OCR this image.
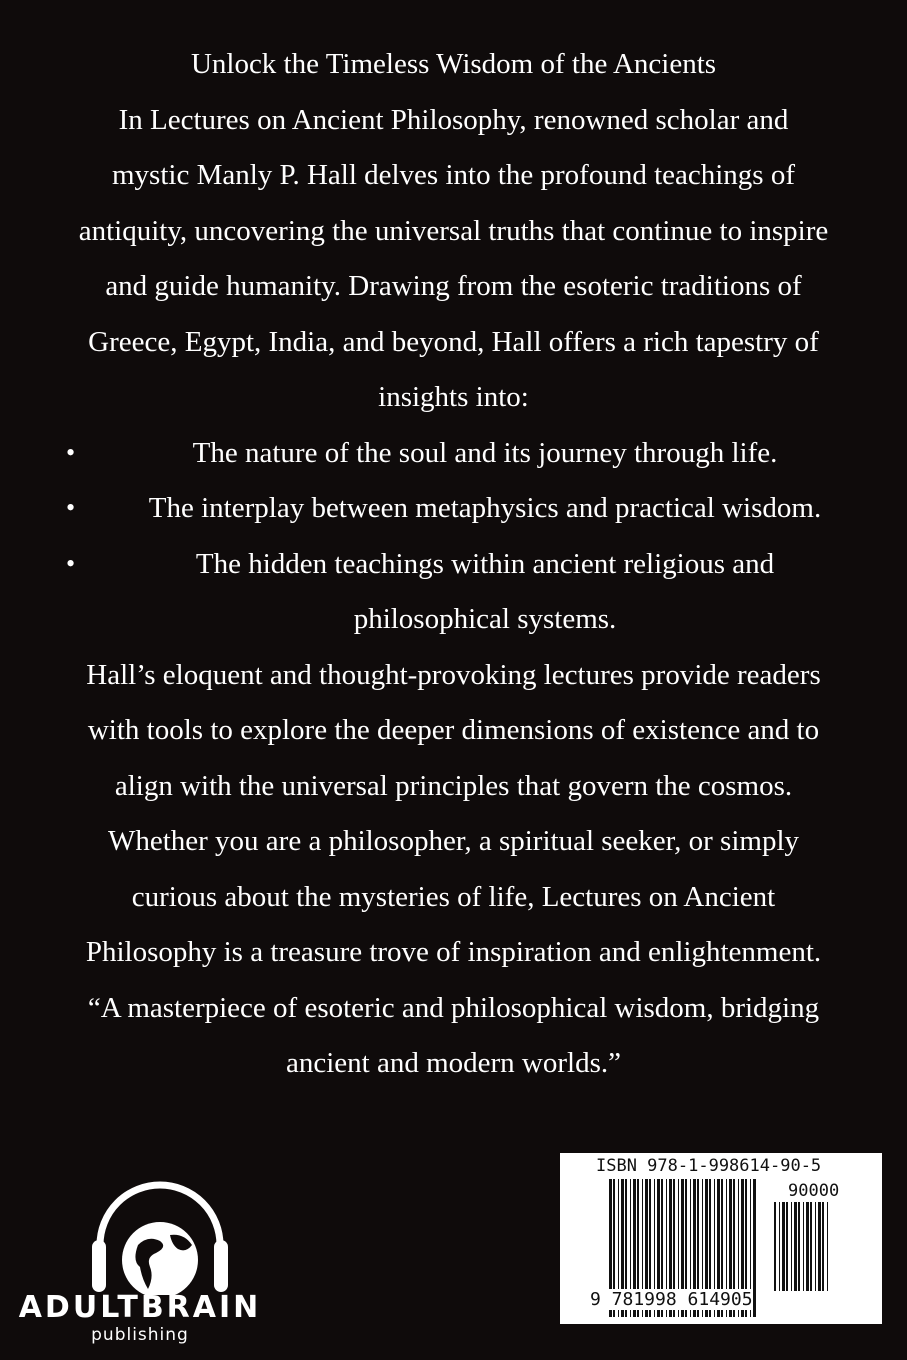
Unlock the Timeless Wisdom of the Ancients
In Lectures on Ancient Philosophy, renowned scholar and
mystic Manly P. Hall delves into the profound teachings of
antiquity, uncovering the universal truths that continue to inspire
and guide humanity. Drawing from the esoteric traditions of
Greece, Egypt, India, and beyond, Hall offers a rich tapestry of
insights into:
•	The nature of the soul and its journey through life.
•	The interplay between metaphysics and practical wisdom.
•	The hidden teachings within ancient religious and
philosophical systems.
Hall’s eloquent and thought-provoking lectures provide readers
with tools to explore the deeper dimensions of existence and to
align with the universal principles that govern the cosmos.
Whether you are a philosopher, a spiritual seeker, or simply
curious about the mysteries of life, Lectures on Ancient
Philosophy is a treasure trove of inspiration and enlightenment.
“A masterpiece of esoteric and philosophical wisdom, bridging
ancient and modern worlds.”
ADULTBRAIN
publishing
ISBN 978-1-998614-90-5
90000
9 781998 614905
